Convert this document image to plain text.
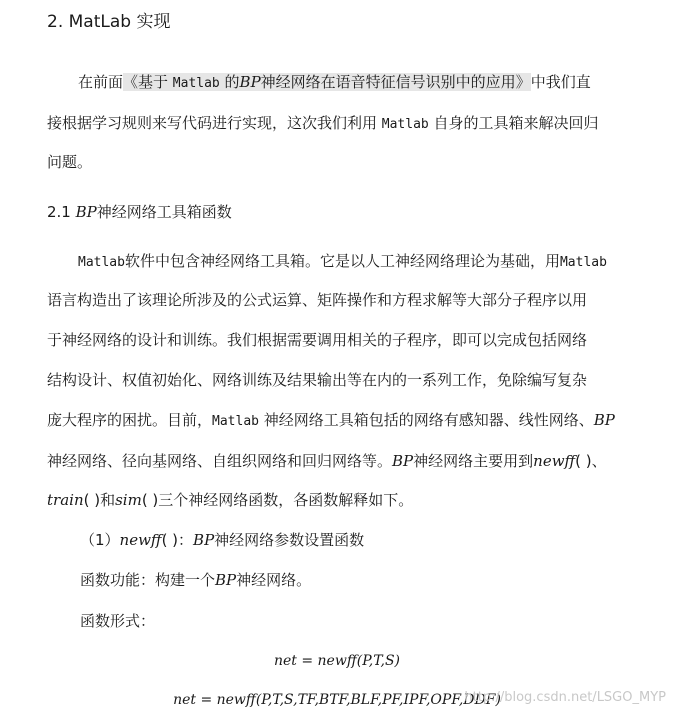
2. MatLab 实现
在前面《基于 Matlab 的BP神经网络在语音特征信号识别中的应用》中我们直
接根据学习规则来写代码进行实现，这次我们利用 Matlab 自身的工具箱来解决回归
问题。
2.1 BP神经网络工具箱函数
Matlab软件中包含神经网络工具箱。它是以人工神经网络理论为基础，用Matlab
语言构造出了该理论所涉及的公式运算、矩阵操作和方程求解等大部分子程序以用
于神经网络的设计和训练。我们根据需要调用相关的子程序，即可以完成包括网络
结构设计、权值初始化、网络训练及结果输出等在内的一系列工作，免除编写复杂
庞大程序的困扰。目前，Matlab 神经网络工具箱包括的网络有感知器、线性网络、BP
神经网络、径向基网络、自组织网络和回归网络等。BP神经网络主要用到newff( )、
train( )和sim( )三个神经网络函数，各函数解释如下。
（1）newff( )：BP神经网络参数设置函数
函数功能：构建一个BP神经网络。
函数形式：
net = newff(P,T,S)
net = newff(P,T,S,TF,BTF,BLF,PF,IPF,OPF,DDF)
http://blog.csdn.net/LSGO_MYP
